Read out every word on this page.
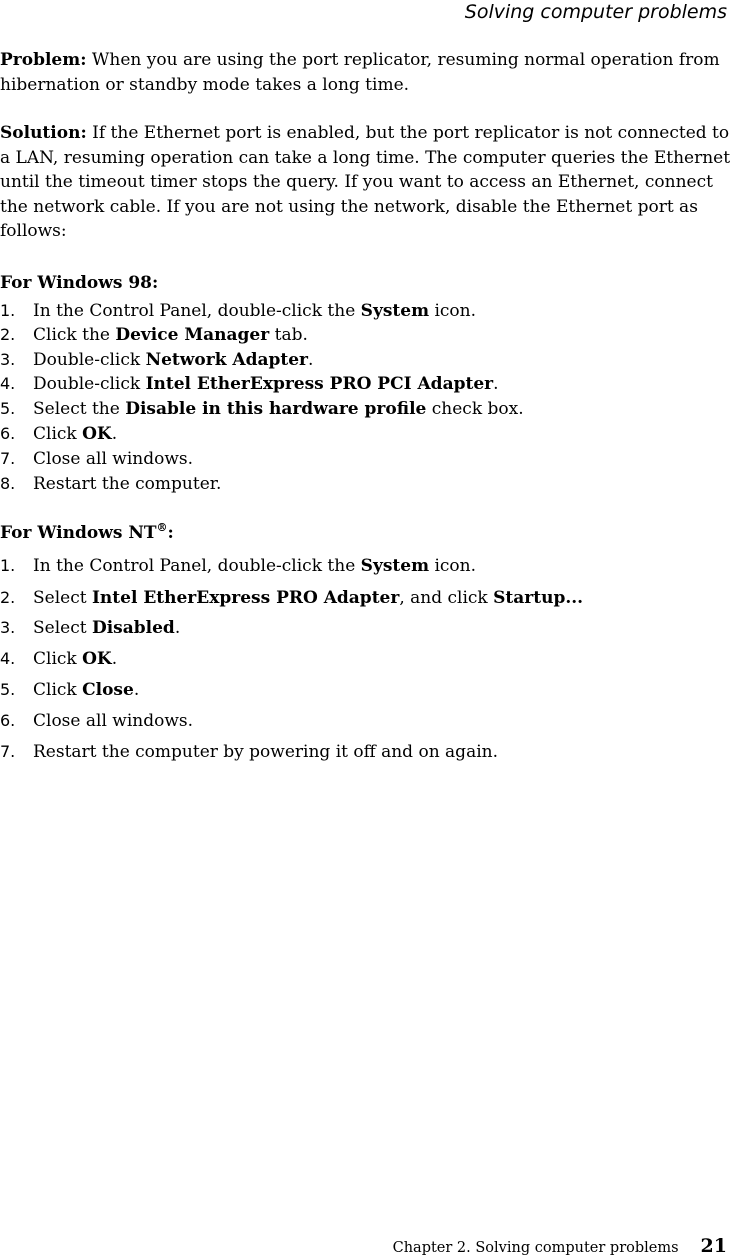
Solving computer problems

Problem: When you are using the port replicator, resuming normal operation from hibernation or standby mode takes a long time.

Solution: If the Ethernet port is enabled, but the port replicator is not connected to a LAN, resuming operation can take a long time. The computer queries the Ethernet until the timeout timer stops the query. If you want to access an Ethernet, connect the network cable. If you are not using the network, disable the Ethernet port as follows:

For Windows 98:
1. In the Control Panel, double-click the System icon.
2. Click the Device Manager tab.
3. Double-click Network Adapter.
4. Double-click Intel EtherExpress PRO PCI Adapter.
5. Select the Disable in this hardware profile check box.
6. Click OK.
7. Close all windows.
8. Restart the computer.
For Windows NT®:
1. In the Control Panel, double-click the System icon.
2. Select Intel EtherExpress PRO Adapter, and click Startup...
3. Select Disabled.
4. Click OK.
5. Click Close.
6. Close all windows.
7. Restart the computer by powering it off and on again.
Chapter 2. Solving computer problems 21
